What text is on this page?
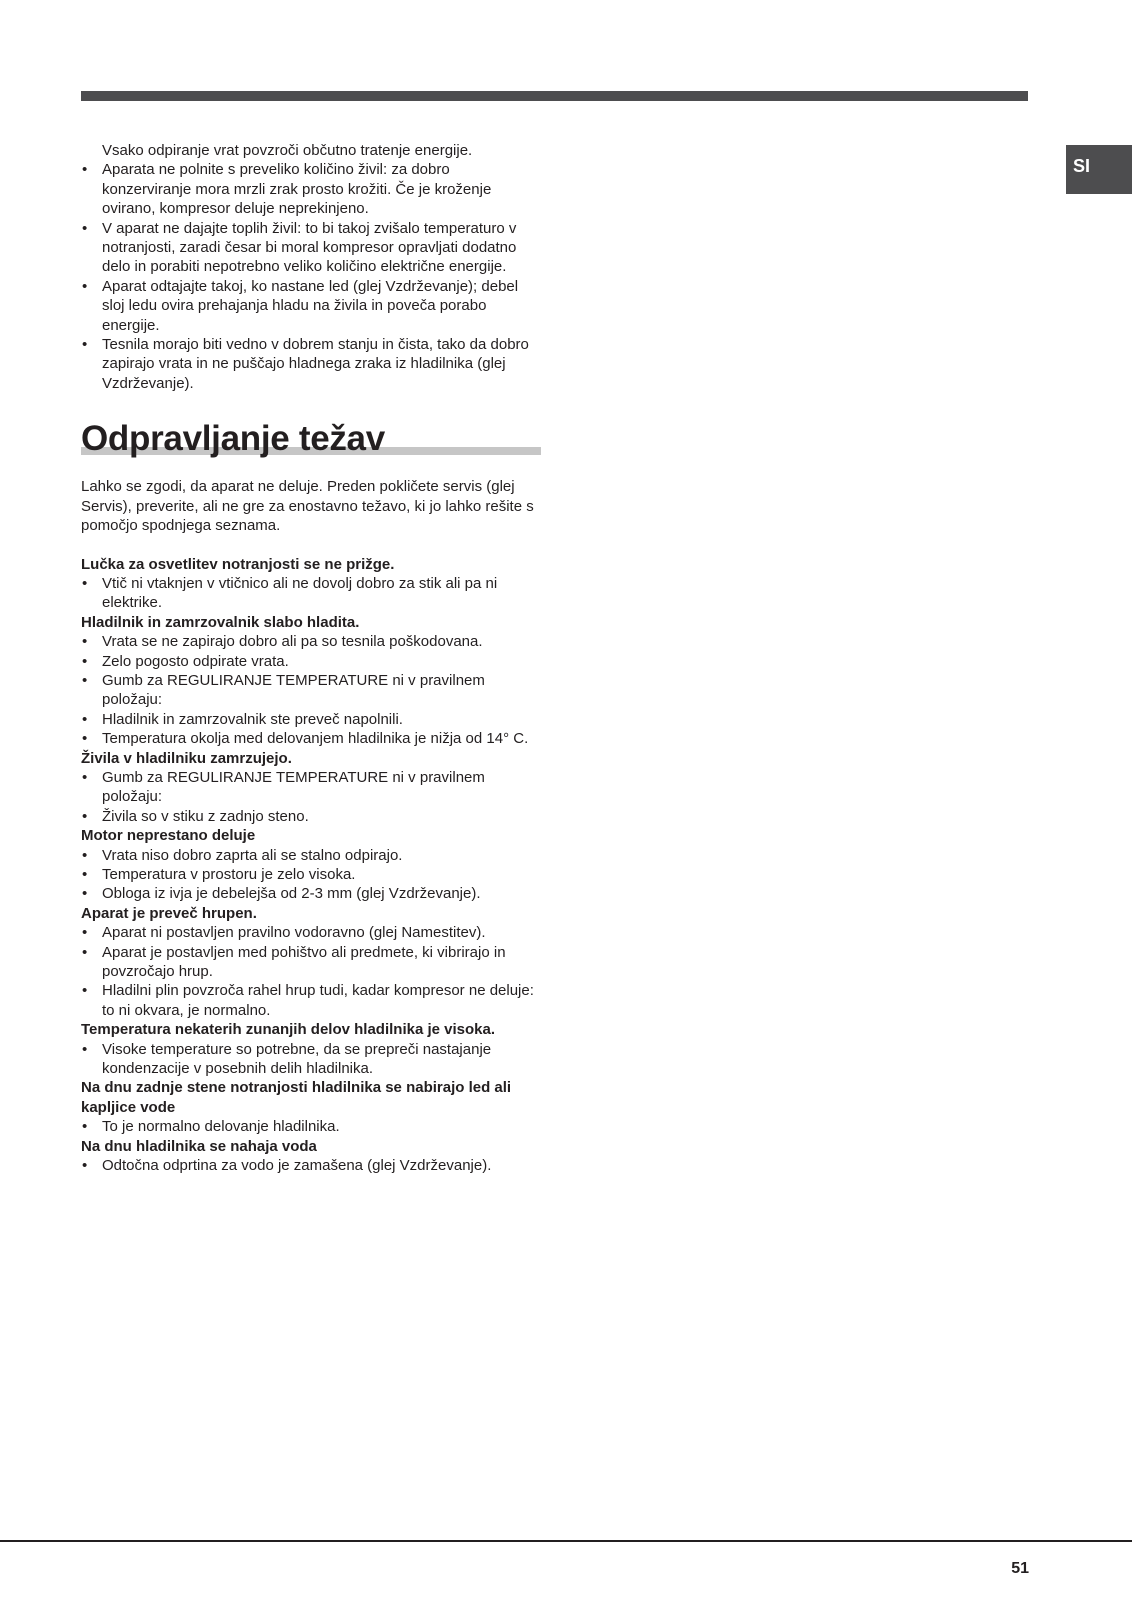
SI

Vsako odpiranje vrat povzroči občutno tratenje energije.

• Aparata ne polnite s preveliko količino živil: za dobro konzerviranje mora mrzli zrak prosto krožiti. Če je kroženje ovirano, kompresor deluje neprekinjeno.
• V aparat ne dajajte toplih živil: to bi takoj zvišalo temperaturo v notranjosti, zaradi česar bi moral kompresor opravljati dodatno delo in porabiti nepotrebno veliko količino električne energije.
• Aparat odtajajte takoj, ko nastane led (glej Vzdrževanje); debel sloj ledu ovira prehajanja hladu na živila in poveča porabo energije.
• Tesnila morajo biti vedno v dobrem stanju in čista, tako da dobro zapirajo vrata in ne puščajo hladnega zraka iz hladilnika (glej Vzdrževanje).
Odpravljanje težav

Lahko se zgodi, da aparat ne deluje. Preden pokličete servis (glej Servis), preverite, ali ne gre za enostavno težavo, ki jo lahko rešite s pomočjo spodnjega seznama.

Lučka za osvetlitev notranjosti se ne prižge.

• Vtič ni vtaknjen v vtičnico ali ne dovolj dobro za stik ali pa ni elektrike.

Hladilnik in zamrzovalnik slabo hladita.

• Vrata se ne zapirajo dobro ali pa so tesnila poškodovana.
• Zelo pogosto odpirate vrata.
• Gumb za REGULIRANJE TEMPERATURE ni v pravilnem položaju:
• Hladilnik in zamrzovalnik ste preveč napolnili.
• Temperatura okolja med delovanjem hladilnika je nižja od 14° C.

Živila v hladilniku zamrzujejo.

• Gumb za REGULIRANJE TEMPERATURE ni v pravilnem položaju:
• Živila so v stiku z zadnjo steno.

Motor neprestano deluje

• Vrata niso dobro zaprta ali se stalno odpirajo.
• Temperatura v prostoru je zelo visoka.
• Obloga iz ivja je debelejša od 2-3 mm (glej Vzdrževanje).

Aparat je preveč hrupen.

• Aparat ni postavljen pravilno vodoravno (glej Namestitev).
• Aparat je postavljen med pohištvo ali predmete, ki vibrirajo in povzročajo hrup.
• Hladilni plin povzroča rahel hrup tudi, kadar kompresor ne deluje: to ni okvara, je normalno.

Temperatura nekaterih zunanjih delov hladilnika je visoka.

• Visoke temperature so potrebne, da se prepreči nastajanje kondenzacije v posebnih delih hladilnika.

Na dnu zadnje stene notranjosti hladilnika se nabirajo led ali kapljice vode

• To je normalno delovanje hladilnika.

Na dnu hladilnika se nahaja voda

• Odtočna odprtina za vodo je zamašena (glej Vzdrževanje).
51
